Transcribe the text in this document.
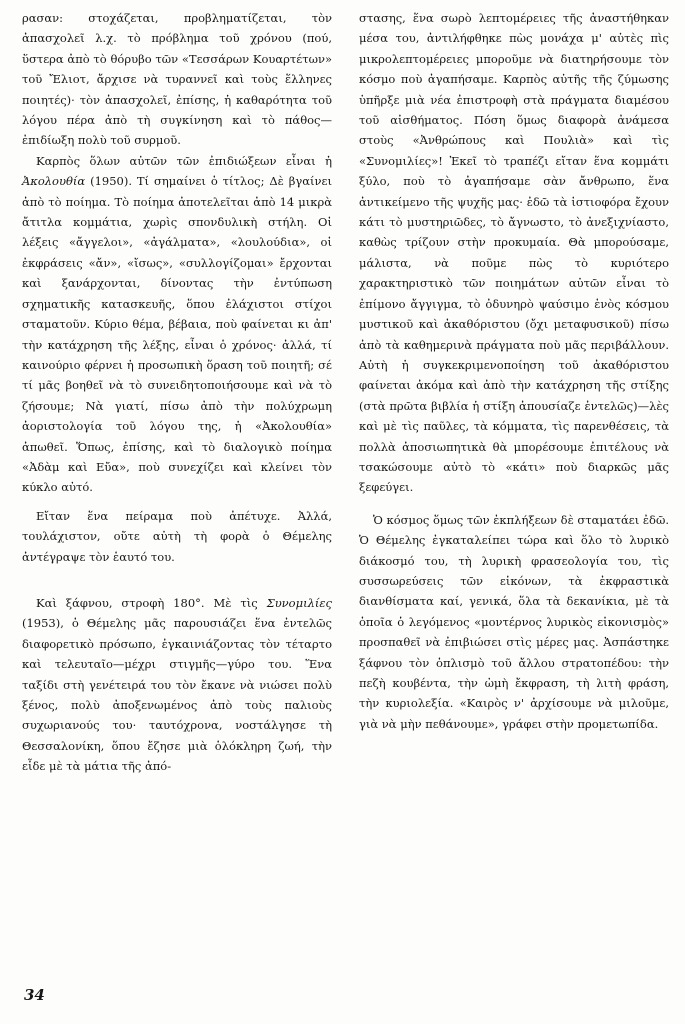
ρασαν: στοχάζεται, προβληματίζεται, τὸν ἀπασχολεῖ λ.χ. τὸ πρόβλημα τοῦ χρόνου (πού, ὕστερα ἀπὸ τὸ θόρυβο τῶν «Τεσσάρων Κουαρτέτων» τοῦ Ἔλιοτ, ἄρχισε νὰ τυραννεῖ καὶ τοὺς ἕλληνες ποιητές)· τὸν ἀπασχολεῖ, ἐπίσης, ἡ καθαρότητα τοῦ λόγου πέρα ἀπὸ τὴ συγκίνηση καὶ τὸ πάθος—ἐπιδίωξη πολὺ τοῦ συρμοῦ.

Καρπὸς ὅλων αὐτῶν τῶν ἐπιδιώξεων εἶναι ἡ Ἀκολουθία (1950). Τί σημαίνει ὁ τίτλος; Δὲ βγαίνει ἀπὸ τὸ ποίημα. Τὸ ποίημα ἀποτελεῖται ἀπὸ 14 μικρὰ ἄτιτλα κομμάτια, χωρὶς σπονδυλικὴ στήλη. Οἱ λέξεις «ἄγγελοι», «ἀγάλματα», «λουλούδια», οἱ ἐκφράσεις «ἄν», «ἴσως», «συλλογίζομαι» ἔρχονται καὶ ξανάρχονται, δίνοντας τὴν ἐντύπωση σχηματικῆς κατασκευῆς, ὅπου ἐλάχιστοι στίχοι σταματοῦν. Κύριο θέμα, βέβαια, ποὺ φαίνεται κι ἀπ' τὴν κατάχρηση τῆς λέξης, εἶναι ὁ χρόνος· ἀλλά, τί καινούριο φέρνει ἡ προσωπικὴ ὅραση τοῦ ποιητῆ; σέ τί μᾶς βοηθεῖ νὰ τὸ συνειδητοποιήσουμε καὶ νὰ τὸ ζήσουμε; Νὰ γιατί, πίσω ἀπὸ τὴν πολύχρωμη ἀοριστολογία τοῦ λόγου της, ἡ «Ἀκολουθία» ἀπωθεῖ. Ὅπως, ἐπίσης, καὶ τὸ διαλογικὸ ποίημα «Ἀδὰμ καὶ Εὔα», ποὺ συνεχίζει καὶ κλείνει τὸν κύκλο αὐτό.

Εἴταν ἕνα πείραμα ποὺ ἀπέτυχε. Ἀλλά, τουλάχιστον, οὔτε αὐτὴ τὴ φορὰ ὁ Θέμελης ἀντέγραψε τὸν ἑαυτό του.

Καὶ ξάφνου, στροφὴ 180°. Μὲ τὶς Συνομιλίες (1953), ὁ Θέμελης μᾶς παρουσιάζει ἕνα ἐντελῶς διαφορετικὸ πρόσωπο, ἐγκαινιάζοντας τὸν τέταρτο καὶ τελευταῖο—μέχρι στιγμῆς—γύρο του. Ἕνα ταξίδι στὴ γενέτειρά του τὸν ἔκανε νὰ νιώσει πολὺ ξένος, πολὺ ἀποξενωμένος ἀπὸ τοὺς παλιοὺς συχωριανούς του· ταυτόχρονα, νοστάλγησε τὴ Θεσσαλονίκη, ὅπου ἔζησε μιὰ ὁλόκληρη ζωή, τὴν εἶδε μὲ τὰ μάτια τῆς ἀπό-

στασης, ἕνα σωρὸ λεπτομέρειες τῆς ἀναστήθηκαν μέσα του, ἀντιλήφθηκε πὼς μονάχα μ' αὐτὲς πὶς μικρολεπτομέρειες μποροῦμε νὰ διατηρήσουμε τὸν κόσμο ποὺ ἀγαπήσαμε. Καρπὸς αὐτῆς τῆς ζύμωσης ὑπῆρξε μιὰ νέα ἐπιστροφὴ στὰ πράγματα διαμέσου τοῦ αἰσθήματος. Πόση ὅμως διαφορὰ ἀνάμεσα στοὺς «Ἀνθρώπους καὶ Πουλιὰ» καὶ τὶς «Συνομιλίες»! Ἐκεῖ τὸ τραπέζι εἴταν ἕνα κομμάτι ξύλο, ποὺ τὸ ἀγαπήσαμε σὰν ἄνθρωπο, ἕνα ἀντικείμενο τῆς ψυχῆς μας· ἐδῶ τὰ ἱστιοφόρα ἔχουν κάτι τὸ μυστηριῶδες, τὸ ἄγνωστο, τὸ ἀνεξιχνίαστο, καθὼς τρίζουν στὴν προκυμαία. Θὰ μπορούσαμε, μάλιστα, νὰ ποῦμε πὼς τὸ κυριότερο χαρακτηριστικὸ τῶν ποιημάτων αὐτῶν εἶναι τὸ ἐπίμονο ἄγγιγμα, τὸ ὀδυνηρὸ ψαύσιμο ἑνὸς κόσμου μυστικοῦ καὶ ἀκαθόριστου (ὄχι μεταφυσικοῦ) πίσω ἀπὸ τὰ καθημερινὰ πράγματα ποὺ μᾶς περιβάλλουν. Αὐτὴ ἡ συγκεκριμενοποίηση τοῦ ἀκαθόριστου φαίνεται ἀκόμα καὶ ἀπὸ τὴν κατάχρηση τῆς στίξης (στὰ πρῶτα βιβλία ἡ στίξη ἀπουσίαζε ἐντελῶς)—λὲς καὶ μὲ τὶς παῦλες, τὰ κόμματα, τὶς παρενθέσεις, τὰ πολλὰ ἀποσιωπητικὰ θὰ μπορέσουμε ἐπιτέλους νὰ τσακώσουμε αὐτὸ τὸ «κάτι» ποὺ διαρκῶς μᾶς ξεφεύγει.

Ὁ κόσμος ὅμως τῶν ἐκπλήξεων δὲ σταματάει ἐδῶ. Ὁ Θέμελης ἐγκαταλείπει τώρα καὶ ὅλο τὸ λυρικὸ διάκοσμό του, τὴ λυρικὴ φρασεολογία του, τὶς συσσωρεύσεις τῶν εἰκόνων, τὰ ἐκφραστικὰ διανθίσματα καί, γενικά, ὅλα τὰ δεκανίκια, μὲ τὰ ὁποῖα ὁ λεγόμενος «μοντέρνος λυρικὸς εἰκονισμὸς» προσπαθεῖ νὰ ἐπιβιώσει στὶς μέρες μας. Ἀσπάστηκε ξάφνου τὸν ὁπλισμὸ τοῦ ἄλλου στρατοπέδου: τὴν πεζὴ κουβέντα, τὴν ὠμὴ ἔκφραση, τὴ λιτὴ φράση, τὴν κυριολεξία. «Καιρὸς ν' ἀρχίσουμε νὰ μιλοῦμε, γιὰ νὰ μὴν πεθάνουμε», γράφει στὴν προμετωπίδα.

34
